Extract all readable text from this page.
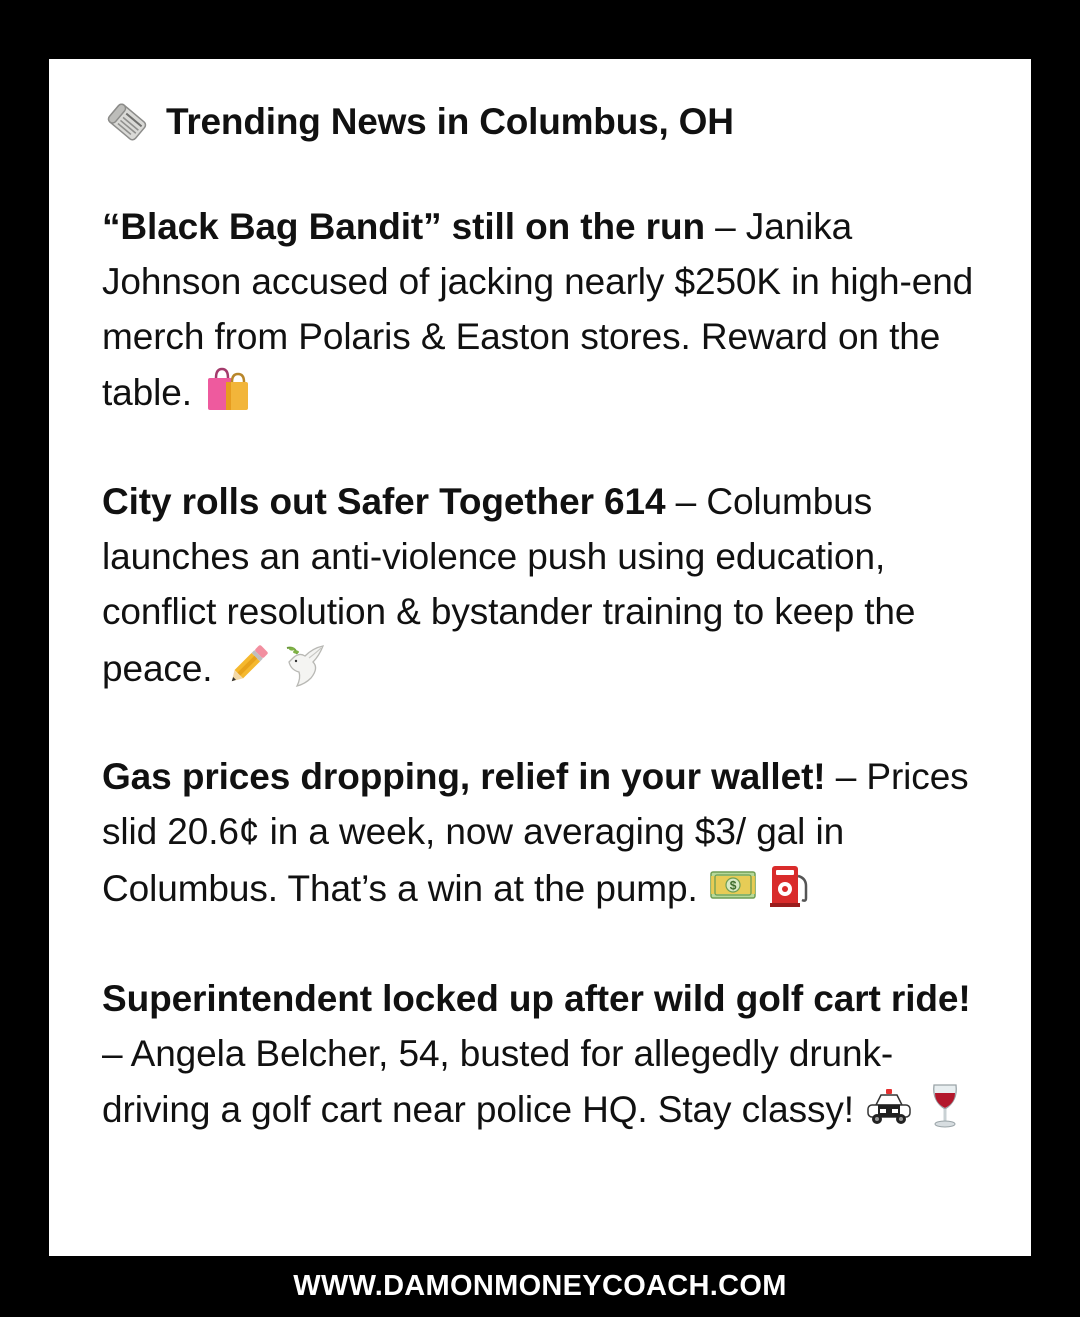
Trending News in Columbus, OH

“Black Bag Bandit” still on the run – Janika Johnson accused of jacking nearly $250K in high-end merch from Polaris & Easton stores. Reward on the table.

City rolls out Safer Together 614 – Columbus launches an anti-violence push using education, conflict resolution & bystander training to keep the peace.

Gas prices dropping, relief in your wallet! – Prices slid 20.6¢ in a week, now averaging $3/ gal in Columbus. That’s a win at the pump.	$

Superintendent locked up after wild golf cart ride! – Angela Belcher, 54, busted for allegedly drunk-driving a golf cart near police HQ. Stay classy!

WWW.DAMONMONEYCOACH.COM
